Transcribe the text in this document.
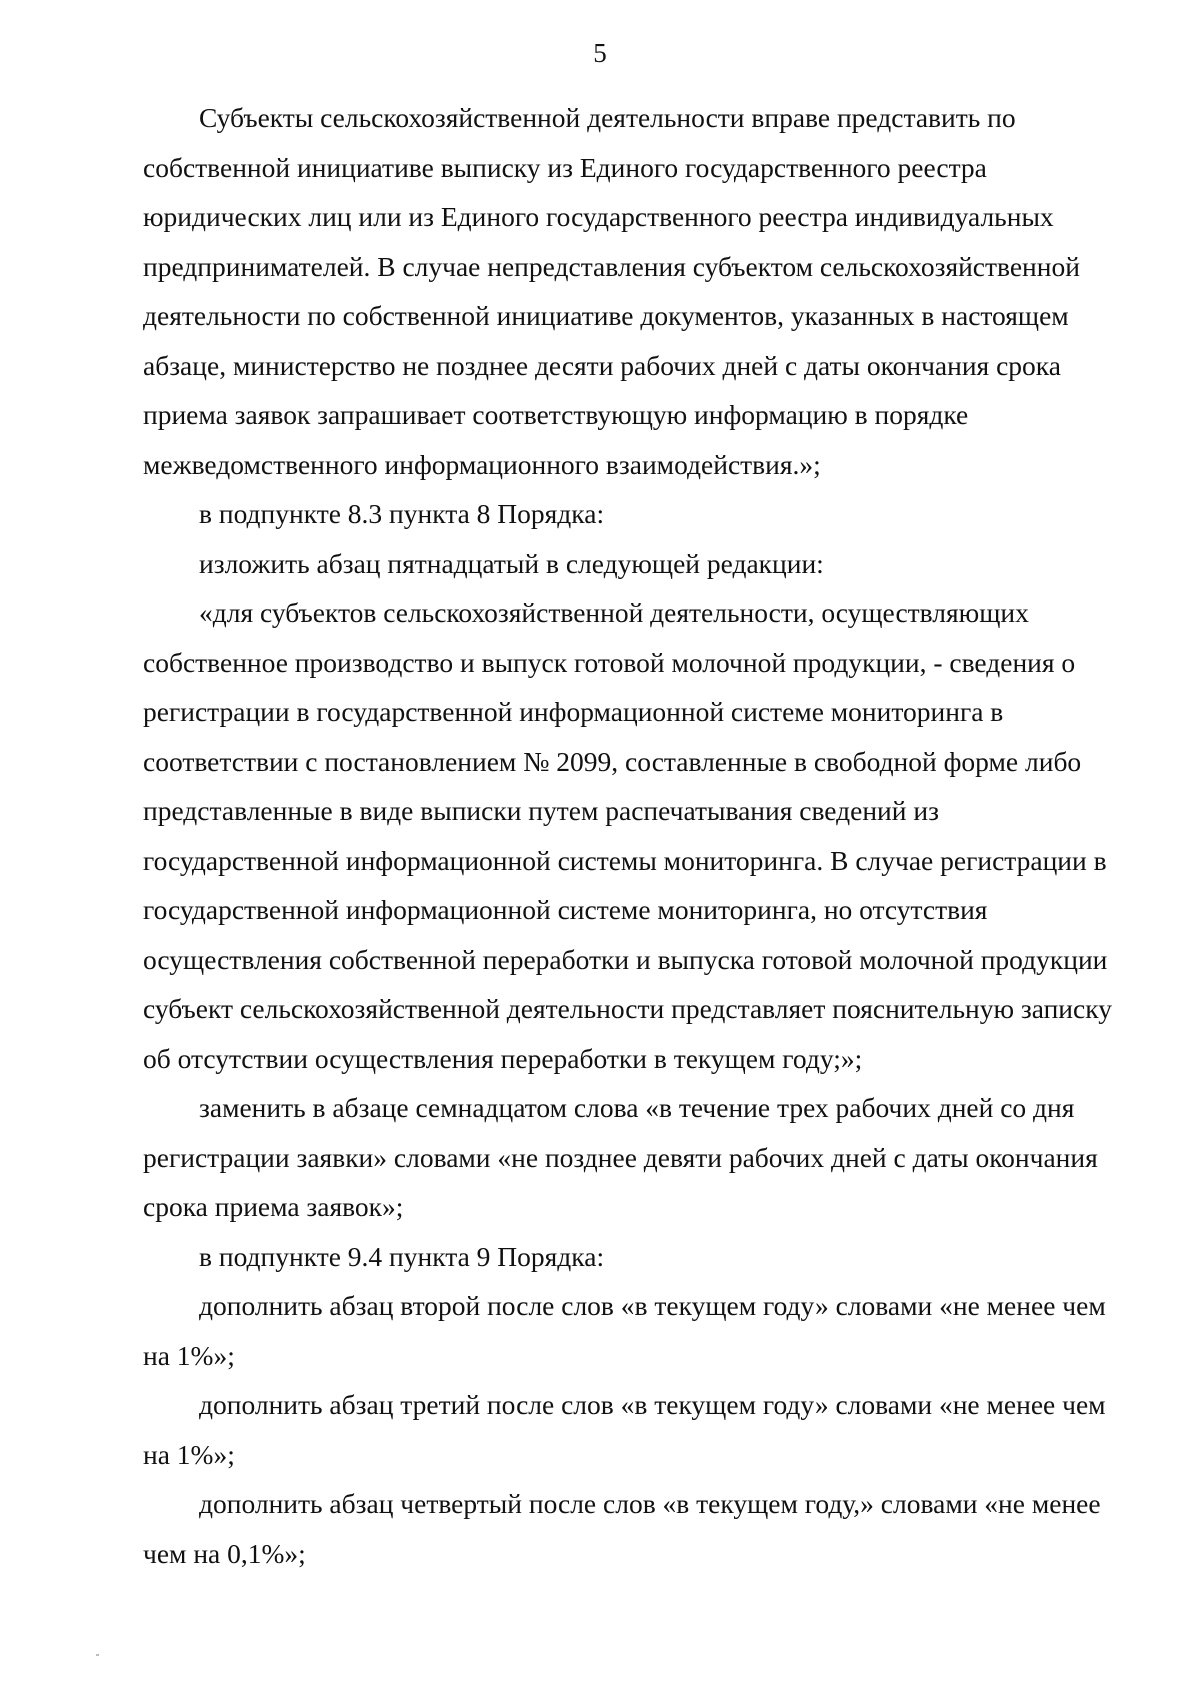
5

Субъекты сельскохозяйственной деятельности вправе представить по собственной инициативе выписку из Единого государственного реестра юридических лиц или из Единого государственного реестра индивидуальных предпринимателей. В случае непредставления субъектом сельскохозяйственной деятельности по собственной инициативе документов, указанных в настоящем абзаце, министерство не позднее десяти рабочих дней с даты окончания срока приема заявок запрашивает соответствующую информацию в порядке межведомственного информационного взаимодействия.»;

в подпункте 8.3 пункта 8 Порядка:

изложить абзац пятнадцатый в следующей редакции:

«для субъектов сельскохозяйственной деятельности, осуществляющих собственное производство и выпуск готовой молочной продукции, - сведения о регистрации в государственной информационной системе мониторинга в соответствии с постановлением № 2099, составленные в свободной форме либо представленные в виде выписки путем распечатывания сведений из государственной информационной системы мониторинга. В случае регистрации в государственной информационной системе мониторинга, но отсутствия осуществления собственной переработки и выпуска готовой молочной продукции субъект сельскохозяйственной деятельности представляет пояснительную записку об отсутствии осуществления переработки в текущем году;»;

заменить в абзаце семнадцатом слова «в течение трех рабочих дней со дня регистрации заявки» словами «не позднее девяти рабочих дней с даты окончания срока приема заявок»;

в подпункте 9.4 пункта 9 Порядка:

дополнить абзац второй после слов «в текущем году» словами «не менее чем на 1%»;

дополнить абзац третий после слов «в текущем году» словами «не менее чем на 1%»;

дополнить абзац четвертый после слов «в текущем году,» словами «не менее чем на 0,1%»;
